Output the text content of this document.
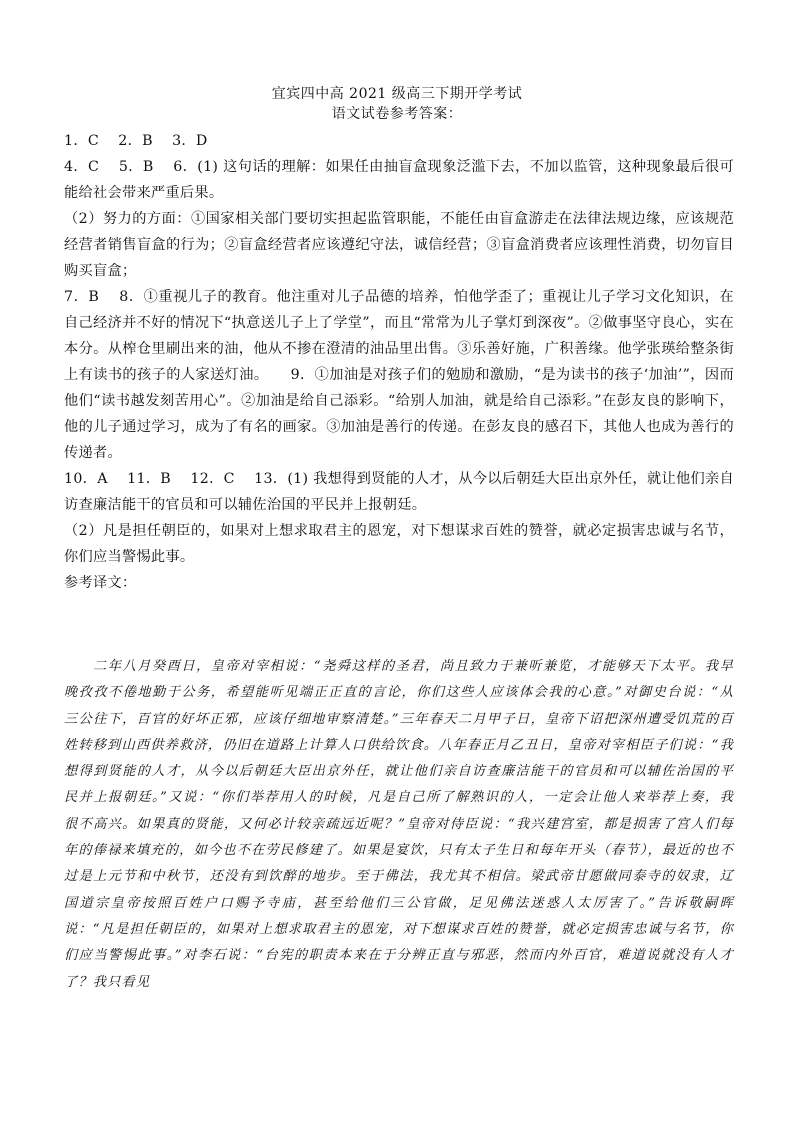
宜宾四中高 2021 级高三下期开学考试
语文试卷参考答案：

1．C　 2．B　 3．D

4．C　 5．B　 6．(1) 这句话的理解：如果任由抽盲盒现象泛滥下去，不加以监管，这种现象最后很可能给社会带来严重后果。

（2）努力的方面：①国家相关部门要切实担起监管职能，不能任由盲盒游走在法律法规边缘，应该规范经营者销售盲盒的行为；②盲盒经营者应该遵纪守法，诚信经营；③盲盒消费者应该理性消费，切勿盲目购买盲盒；

7．B　 8．①重视儿子的教育。他注重对儿子品德的培养，怕他学歪了；重视让儿子学习文化知识，在自己经济并不好的情况下“执意送儿子上了学堂”，而且“常常为儿子掌灯到深夜”。②做事坚守良心，实在本分。从榨仓里刷出来的油，他从不掺在澄清的油品里出售。③乐善好施，广积善缘。他学张瑛给整条街上有读书的孩子的人家送灯油。　　9．①加油是对孩子们的勉励和激励，“是为读书的孩子‘加油’”，因而他们“读书越发刻苦用心”。②加油是给自己添彩。“给别人加油，就是给自己添彩。”在彭友良的影响下，他的儿子通过学习，成为了有名的画家。③加油是善行的传递。在彭友良的感召下，其他人也成为善行的传递者。

10．A　 11．B　 12．C　 13．(1) 我想得到贤能的人才，从今以后朝廷大臣出京外任，就让他们亲自访查廉洁能干的官员和可以辅佐治国的平民并上报朝廷。

（2）凡是担任朝臣的，如果对上想求取君主的恩宠，对下想谋求百姓的赞誉，就必定损害忠诚与名节，你们应当警惕此事。

参考译文：

二年八月癸酉日，皇帝对宰相说：“尧舜这样的圣君，尚且致力于兼听兼览，才能够天下太平。我早晚孜孜不倦地勤于公务，希望能听见端正正直的言论，你们这些人应该体会我的心意。”对御史台说：“从三公往下，百官的好坏正邪，应该仔细地审察清楚。”三年春天二月甲子日，皇帝下诏把深州遭受饥荒的百姓转移到山西供养救济，仍旧在道路上计算人口供给饮食。八年春正月乙丑日，皇帝对宰相臣子们说：“我想得到贤能的人才，从今以后朝廷大臣出京外任，就让他们亲自访查廉洁能干的官员和可以辅佐治国的平民并上报朝廷。”又说：“你们举荐用人的时候，凡是自己所了解熟识的人，一定会让他人来举荐上奏，我很不高兴。如果真的贤能，又何必计较亲疏远近呢？”皇帝对侍臣说：“我兴建宫室，都是损害了宫人们每年的俸禄来填充的，如今也不在劳民修建了。如果是宴饮，只有太子生日和每年开头（春节），最近的也不过是上元节和中秋节，还没有到饮醉的地步。至于佛法，我尤其不相信。梁武帝甘愿做同泰寺的奴隶，辽国道宗皇帝按照百姓户口赐予寺庙，甚至给他们三公官做，足见佛法迷惑人太厉害了。”告诉敬嗣晖说：“凡是担任朝臣的，如果对上想求取君主的恩宠，对下想谋求百姓的赞誉，就必定损害忠诚与名节，你们应当警惕此事。”对李石说：“台宪的职责本来在于分辨正直与邪恶，然而内外百官，难道说就没有人才了？我只看见
